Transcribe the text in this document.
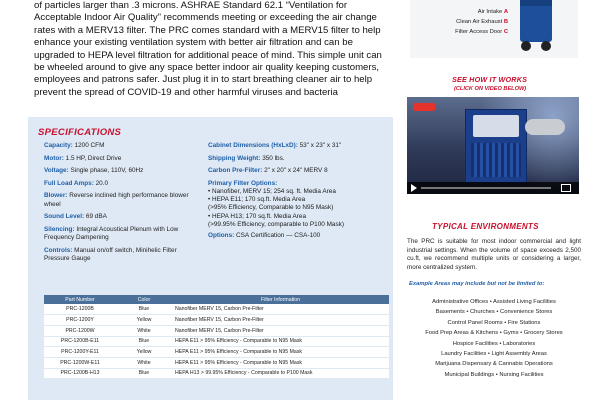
of particles larger than .3 microns. ASHRAE Standard 62.1 “Ventilation for Acceptable Indoor Air Quality” recommends meeting or exceeding the air change rates with a MERV13 filter. The PRC comes standard with a MERV15 filter to help enhance your existing ventilation system with better air filtration and can be upgraded to HEPA level filtration for additional peace of mind. This simple unit can be wheeled around to give any space better indoor air quality keeping customers, employees and patrons safer. Just plug it in to start breathing cleaner air to help prevent the spread of COVID-19 and other harmful viruses and bacteria

SPECIFICATIONS
Capacity: 1200 CFM
Motor: 1.5 HP, Direct Drive
Voltage: Single phase, 110V, 60Hz
Full Load Amps: 20.0
Blower: Reverse inclined high performance blower wheel
Sound Level: 69 dBA
Silencing: Integral Acoustical Plenum with Low Frequency Dampening
Controls: Manual on/off switch, Minihelic Filter Pressure Gauge
Cabinet Dimensions (HxLxD): 53" x 23" x 31"
Shipping Weight: 350 lbs.
Carbon Pre-Filter: 2" x 20" x 24" MERV 8
Primary Filter Options:
• Nanofiber, MERV 15; 254 sq. ft. Media Area
• HEPA E11; 170 sq.ft. Media Area
(>95% Efficiency, Comparable to N95 Mask)
• HEPA H13; 170 sq.ft. Media Area
(>99.95% Efficiency, comparable to P100 Mask)
Options: CSA Certification — CSA-100
Part Number	Color	Filter Information
PRC-1200B	Blue	Nanofiber MERV 15, Carbon Pre-Filter
PRC-1200Y	Yellow	Nanofiber MERV 15, Carbon Pre-Filter
PRC-1200W	White	Nanofiber MERV 15, Carbon Pre-Filter
PRC-1200B-E11	Blue	HEPA E11 > 95% Efficiency - Comparable to N95 Mask
PRC-1200Y-E11	Yellow	HEPA E11 > 95% Efficiency - Comparable to N95 Mask
PRC-1200W-E11	White	HEPA E11 > 95% Efficiency - Comparable to N95 Mask
PRC-1200B-H13	Blue	HEPA H13 > 99.95% Efficiency - Comparable to P100 Mask
Air Intake A
Clean Air Exhaust B
Filter Access Door C
SEE HOW IT WORKS
(CLICK ON VIDEO BELOW)
TYPICAL ENVIRONMENTS
The PRC is suitable for most indoor commercial and light industrial settings. When the volume of space exceeds 2,500 cu.ft, we recommend multiple units or considering a larger, more centralized system.
Example Areas may include but not be limited to:
Administrative Offices • Assisted Living Facilities
Basements • Churches • Convenience Stores
Control Panel Rooms • Fire Stations
Food Prep Areas & Kitchens • Gyms • Grocery Stores
Hospice Facilities • Laboratories
Laundry Facilities • Light Assembly Areas
Marijuana Dispensary & Cannabis Operations
Municipal Buildings • Nursing Facilities
